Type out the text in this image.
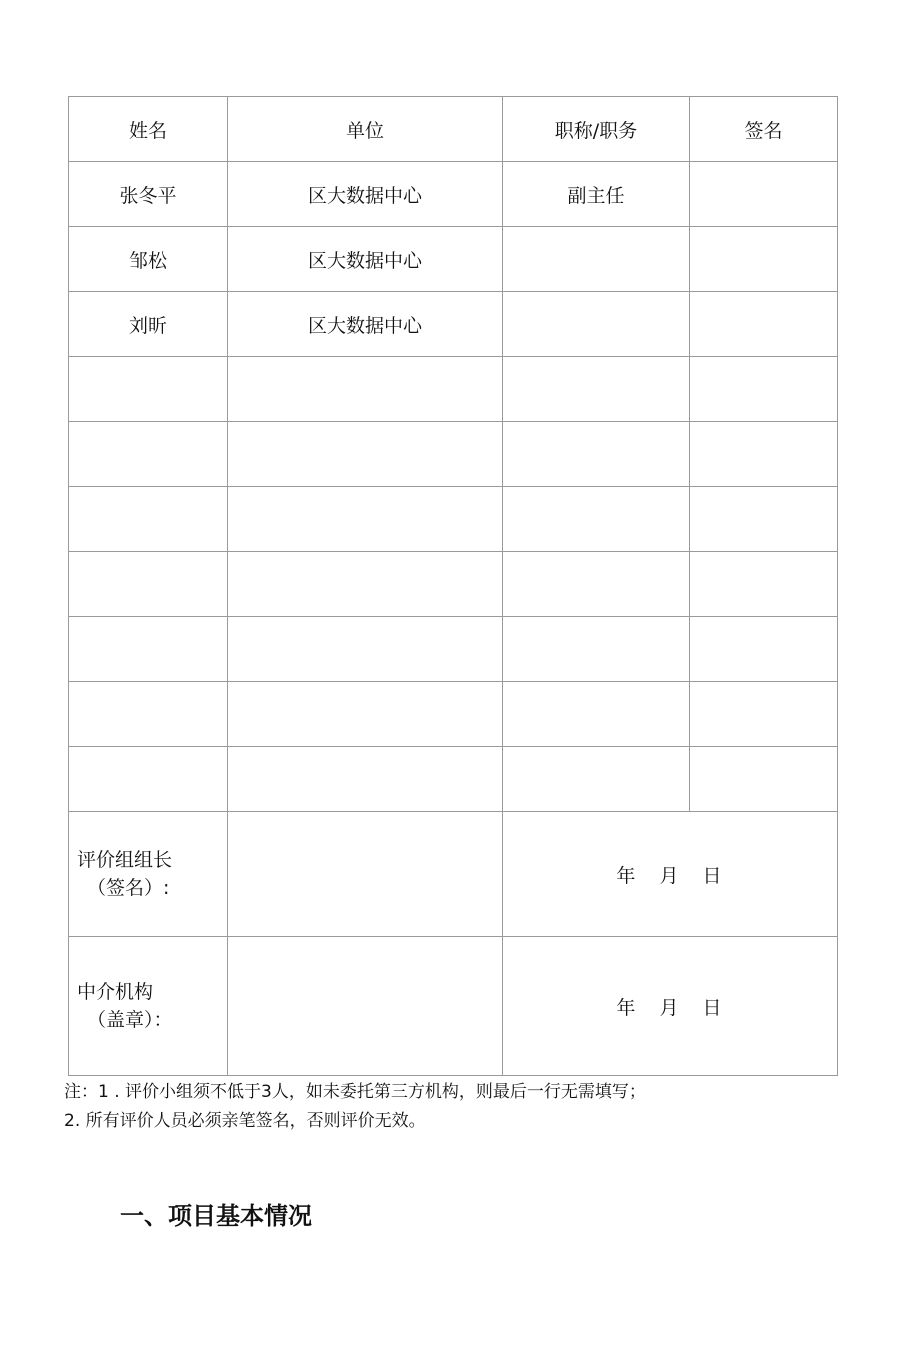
姓名	单位	职称/职务	签名
张冬平	区大数据中心	副主任	
邹松	区大数据中心		
刘昕	区大数据中心		

评价组组长

（签名）:		年 月 日	
中介机构

（盖章）：		年 月 日	
注：1 . 评价小组须不低于3人，如未委托第三方机构，则最后一行无需填写；
2. 所有评价人员必须亲笔签名，否则评价无效。
一、项目基本情况
